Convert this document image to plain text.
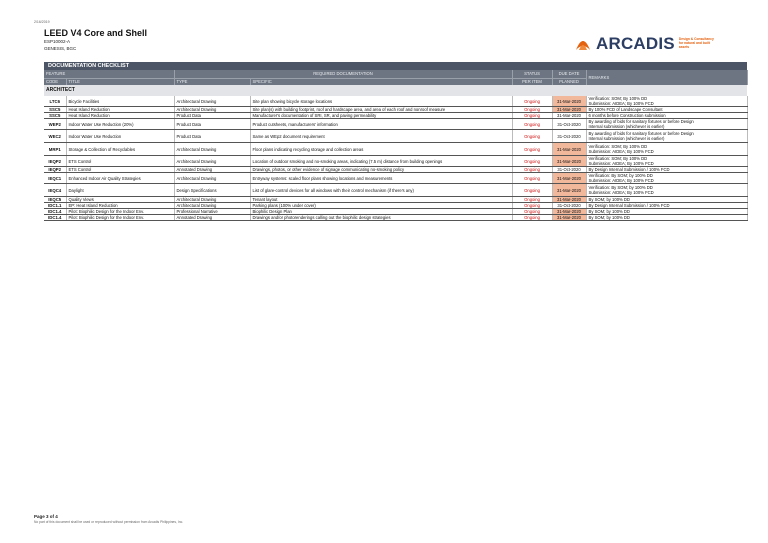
2/16/2019
LEED V4 Core and Shell
ESP10002-A
GENESIS, BGC	ARCADIS Design & Consultancy for natural and built assets
DOCUMENTATION CHECKLIST
FEATURE		REQUIRED DOCUMENTATION		STATUS	DUE DATE	REMARKS
CODE	TITLE	TYPE	SPECIFIC	PER ITEM	PLANNED	
ARCHITECT						
LTC6	Bicycle Facilities	Architectural Drawing	Site plan showing bicycle storage locations	Ongoing	31-Mar-2020	Verification: SOM; By 100% DD
Submission: AIDEA; By 100% FCD

SSC5	Heat Island Reduction	Architectural Drawing	Site plan(s) with building footprint, roof and hardscape area, and area of each roof and nonroof measure	Ongoing	31-Mar-2020	By 100% FCD of Landscape Consultant

SSC5	Heat Island Reduction	Product Data	Manufacturer's documentation of SRI, SR, and paving permeability	Ongoing	31-Mar-2020	6 months before Construction submission

WEP2	Indoor Water Use Reduction (20%)	Product Data	Product cutsheets, manufacturers' information	Ongoing	31-Oct-2020	By awarding of bids for sanitary fixtures or before Design
Internal submission (whichever is earlier)

WEC2	Indoor Water Use Reduction	Product Data	Same as WEp2 document requirement	Ongoing	31-Oct-2020	By awarding of bids for sanitary fixtures or before Design
Internal submission (whichever is earlier)

MRP1	Storage & Collection of Recyclables	Architectural Drawing	Floor plans indicating recycling storage and collection areas	Ongoing	31-Mar-2020	Verification: SOM; By 100% DD
Submission: AIDEA; By 100% FCD

IEQP2	ETS Control	Architectural Drawing	Location of outdoor smoking and no-smoking areas, indicating (7.5 m) distance from building openings	Ongoing	31-Mar-2020	Verification: SOM; By 100% DD
Submission: AIDEA; By 100% FCD

IEQP2	ETS Control	Annotated Drawing	Drawings, photos, or other evidence of signage communicating no-smoking policy	Ongoing	31-Oct-2020	By Design Internal Submission / 100% FCD

IEQC1	Enhanced Indoor Air Quality Strategies	Architectural Drawing	Entryway systems: scaled floor plans showing locations and measurements	Ongoing	31-Mar-2020	Verification: By SOM; by 100% DD
Submission: AIDEA; By 100% FCD

IEQC4	Daylight	Design Specifications	List of glare-control devices for all windows with their control mechanism (if there's any)	Ongoing	31-Mar-2020	Verification: By SOM; by 100% DD
Submission: AIDEA; By 100% FCD

IEQC5	Quality Views	Architectural Drawing	Tenant layout	Ongoing	31-Mar-2020	By SOM; by 100% DD

IDC1.1	EP: Heat Island Reduction	Architectural Drawing	Parking plans (100% under cover)	Ongoing	31-Oct-2020	By Design Internal Submission / 100% FCD

IDC1.4	Pilot: Biophilic Design for the Indoor Env.	Professional Narrative	Biophilic Design Plan	Ongoing	31-Mar-2020	By SOM; by 100% DD

IDC1.4	Pilot: Biophilic Design for the Indoor Env.	Annotated Drawing	Drawings and/or photorenderings calling out the biophilic design strategies	Ongoing	31-Mar-2020	By SOM; by 100% DD
Page 3 of 4
No part of this document shall be used or reproduced without permission from Arcadis Philippines, Inc.
